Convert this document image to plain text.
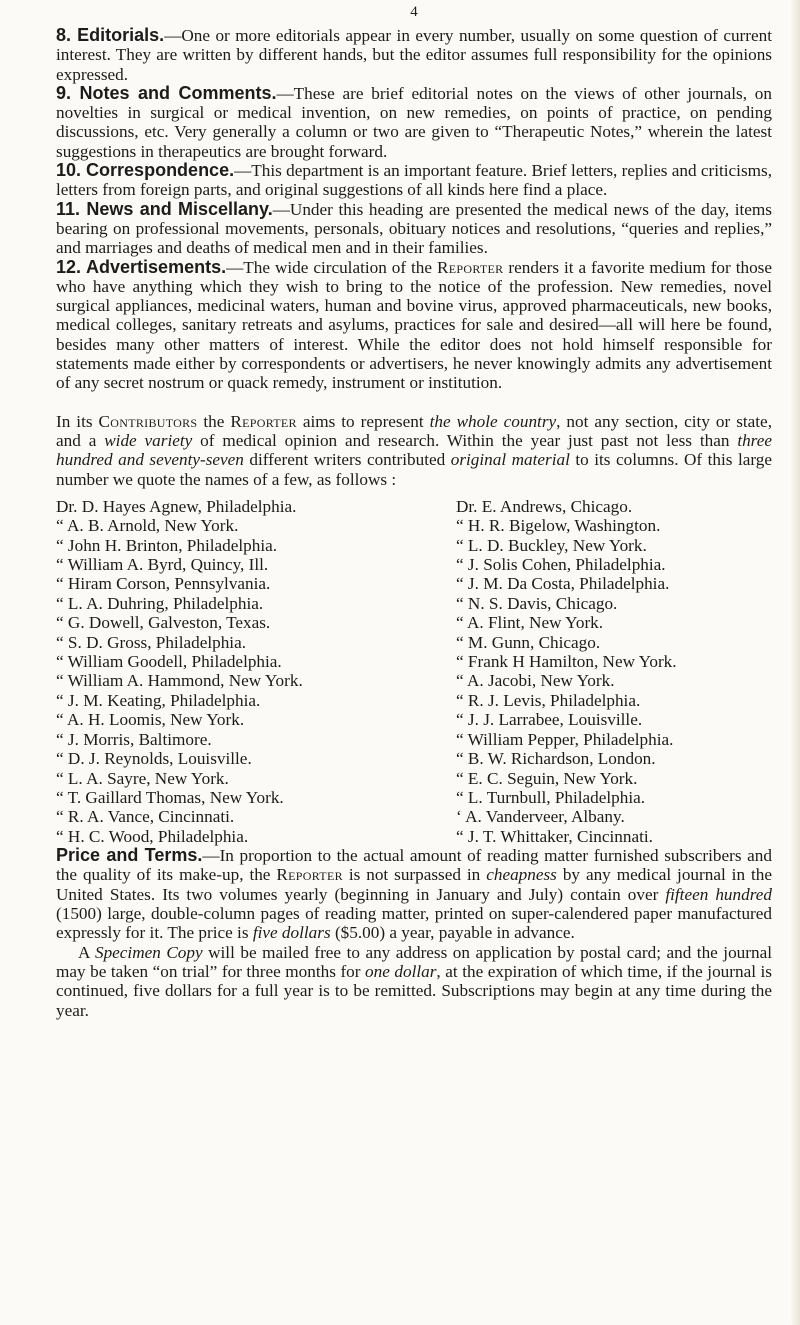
4

8. Editorials.—One or more editorials appear in every number, usually on some question of current interest. They are written by different hands, but the editor assumes full responsibility for the opinions expressed.

9. Notes and Comments.—These are brief editorial notes on the views of other journals, on novelties in surgical or medical invention, on new remedies, on points of practice, on pending discussions, etc. Very generally a column or two are given to “Therapeutic Notes,” wherein the latest suggestions in therapeutics are brought forward.

10. Correspondence.—This department is an important feature. Brief letters, replies and criticisms, letters from foreign parts, and original suggestions of all kinds here find a place.

11. News and Miscellany.—Under this heading are presented the medical news of the day, items bearing on professional movements, personals, obituary notices and resolutions, “queries and replies,” and marriages and deaths of medical men and in their families.

12. Advertisements.—The wide circulation of the Reporter renders it a favorite medium for those who have anything which they wish to bring to the notice of the profession. New remedies, novel surgical appliances, medicinal waters, human and bovine virus, approved pharmaceuticals, new books, medical colleges, sanitary retreats and asylums, practices for sale and desired—all will here be found, besides many other matters of interest. While the editor does not hold himself responsible for statements made either by correspondents or advertisers, he never knowingly admits any advertisement of any secret nostrum or quack remedy, instrument or institution.

In its Contributors the Reporter aims to represent the whole country, not any section, city or state, and a wide variety of medical opinion and research. Within the year just past not less than three hundred and seventy-seven different writers contributed original material to its columns. Of this large number we quote the names of a few, as follows :

Dr. D. Hayes Agnew, Philadelphia.
“ A. B. Arnold, New York.
“ John H. Brinton, Philadelphia.
“ William A. Byrd, Quincy, Ill.
“ Hiram Corson, Pennsylvania.
“ L. A. Duhring, Philadelphia.
“ G. Dowell, Galveston, Texas.
“ S. D. Gross, Philadelphia.
“ William Goodell, Philadelphia.
“ William A. Hammond, New York.
“ J. M. Keating, Philadelphia.
“ A. H. Loomis, New York.
“ J. Morris, Baltimore.
“ D. J. Reynolds, Louisville.
“ L. A. Sayre, New York.
“ T. Gaillard Thomas, New York.
“ R. A. Vance, Cincinnati.
“ H. C. Wood, Philadelphia.
Dr. E. Andrews, Chicago.
“ H. R. Bigelow, Washington.
“ L. D. Buckley, New York.
“ J. Solis Cohen, Philadelphia.
“ J. M. Da Costa, Philadelphia.
“ N. S. Davis, Chicago.
“ A. Flint, New York.
“ M. Gunn, Chicago.
“ Frank H Hamilton, New York.
“ A. Jacobi, New York.
“ R. J. Levis, Philadelphia.
“ J. J. Larrabee, Louisville.
“ William Pepper, Philadelphia.
“ B. W. Richardson, London.
“ E. C. Seguin, New York.
“ L. Turnbull, Philadelphia.
‘ A. Vanderveer, Albany.
“ J. T. Whittaker, Cincinnati.

Price and Terms.—In proportion to the actual amount of reading matter furnished subscribers and the quality of its make-up, the Reporter is not surpassed in cheapness by any medical journal in the United States. Its two volumes yearly (beginning in January and July) contain over fifteen hundred (1500) large, double-column pages of reading matter, printed on super-calendered paper manufactured expressly for it. The price is five dollars ($5.00) a year, payable in advance.

A Specimen Copy will be mailed free to any address on application by postal card; and the journal may be taken “on trial” for three months for one dollar, at the expiration of which time, if the journal is continued, five dollars for a full year is to be remitted. Subscriptions may begin at any time during the year.
